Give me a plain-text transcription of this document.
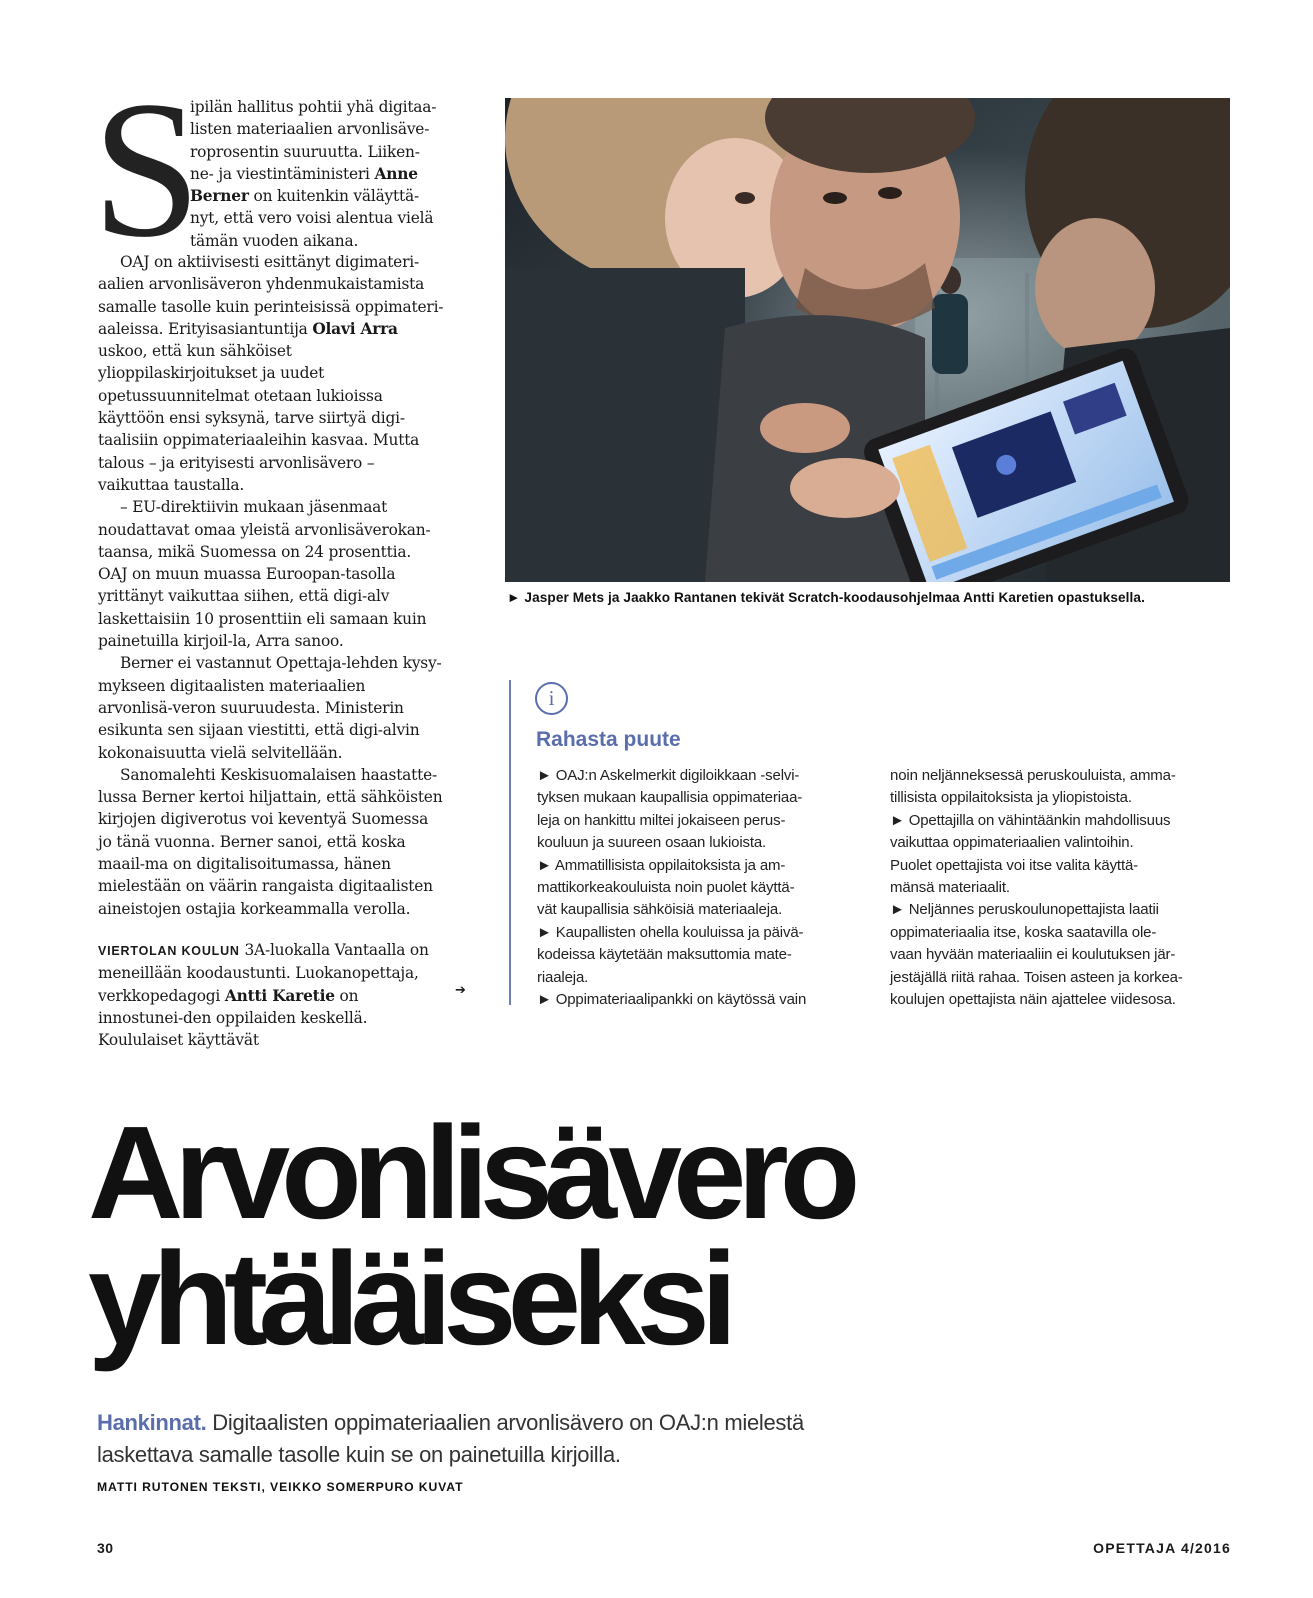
S
ipilän hallitus pohtii yhä digitaa-
listen materiaalien arvonlisäve-
roprosentin suuruutta. Liiken-
ne- ja viestintäministeri Anne
Berner on kuitenkin väläyttä-
nyt, että vero voisi alentua vielä
tämän vuoden aikana.

OAJ on aktiivisesti esittänyt digimateri-aalien arvonlisäveron yhdenmukaistamista samalle tasolle kuin perinteisissä oppimateri-aaleissa. Erityisasiantuntija Olavi Arra uskoo, että kun sähköiset ylioppilaskirjoitukset ja uudet opetussuunnitelmat otetaan lukioissa käyttöön ensi syksynä, tarve siirtyä digi-taalisiin oppimateriaaleihin kasvaa. Mutta talous – ja erityisesti arvonlisävero – vaikuttaa taustalla.

– EU-direktiivin mukaan jäsenmaat noudattavat omaa yleistä arvonlisäverokan-taansa, mikä Suomessa on 24 prosenttia. OAJ on muun muassa Euroopan-tasolla yrittänyt vaikuttaa siihen, että digi-alv laskettaisiin 10 prosenttiin eli samaan kuin painetuilla kirjoil-la, Arra sanoo.

Berner ei vastannut Opettaja-lehden kysy-mykseen digitaalisten materiaalien arvonlisä-veron suuruudesta. Ministerin esikunta sen sijaan viestitti, että digi-alvin kokonaisuutta vielä selvitellään.

Sanomalehti Keskisuomalaisen haastatte-lussa Berner kertoi hiljattain, että sähköisten kirjojen digiverotus voi keventyä Suomessa jo tänä vuonna. Berner sanoi, että koska maail-ma on digitalisoitumassa, hänen mielestään on väärin rangaista digitaalisten aineistojen ostajia korkeammalla verolla.

VIERTOLAN KOULUN 3A-luokalla Vantaalla on meneillään koodaustunti. Luokanopettaja, verkkopedagogi Antti Karetie on innostunei-den oppilaiden keskellä. Koululaiset käyttävät

➔
► Jasper Mets ja Jaakko Rantanen tekivät Scratch-koodausohjelmaa Antti Karetien opastuksella.
i
Rahasta puute
► OAJ:n Askelmerkit digiloikkaan -selvi-
tyksen mukaan kaupallisia oppimateriaa-
leja on hankittu miltei jokaiseen perus-
kouluun ja suureen osaan lukioista.
► Ammatillisista oppilaitoksista ja am-
mattikorkeakouluista noin puolet käyttä-
vät kaupallisia sähköisiä materiaaleja.
► Kaupallisten ohella kouluissa ja päivä-
kodeissa käytetään maksuttomia mate-
riaaleja.
► Oppimateriaalipankki on käytössä vain
noin neljänneksessä peruskouluista, amma-
tillisista oppilaitoksista ja yliopistoista.
► Opettajilla on vähintäänkin mahdollisuus
vaikuttaa oppimateriaalien valintoihin.
Puolet opettajista voi itse valita käyttä-
mänsä materiaalit.
► Neljännes peruskoulunopettajista laatii
oppimateriaalia itse, koska saatavilla ole-
vaan hyvään materiaaliin ei koulutuksen jär-
jestäjällä riitä rahaa. Toisen asteen ja korkea-
koulujen opettajista näin ajattelee viidesosa.
Arvonlisävero
yhtäläiseksi
Hankinnat. Digitaalisten oppimateriaalien arvonlisävero on OAJ:n mielestä laskettava samalle tasolle kuin se on painetuilla kirjoilla.
MATTI RUTONEN TEKSTI, VEIKKO SOMERPURO KUVAT
30	OPETTAJA 4/2016
